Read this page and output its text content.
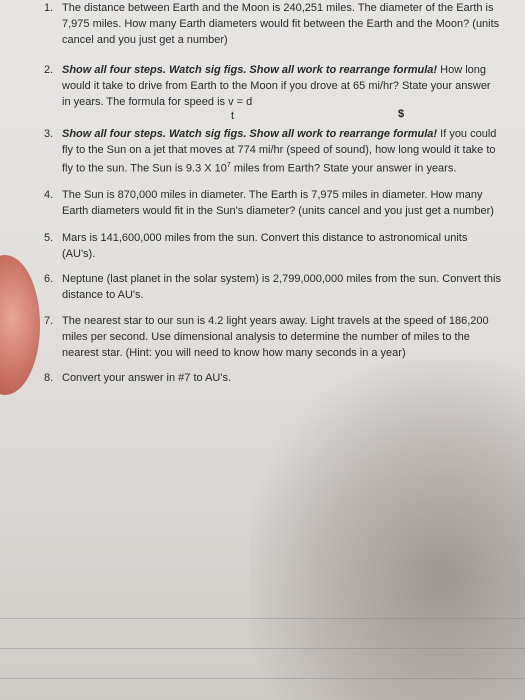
1. The distance between Earth and the Moon is 240,251 miles. The diameter of the Earth is 7,975 miles. How many Earth diameters would fit between the Earth and the Moon? (units cancel and you just get a number)
2. Show all four steps. Watch sig figs. Show all work to rearrange formula! How long would it take to drive from Earth to the Moon if you drove at 65 mi/hr? State your answer in years. The formula for speed is v = d
t	$
3. Show all four steps. Watch sig figs. Show all work to rearrange formula! If you could fly to the Sun on a jet that moves at 774 mi/hr (speed of sound), how long would it take to fly to the sun. The Sun is 9.3 X $10^7$ miles from Earth? State your answer in years.
4. The Sun is 870,000 miles in diameter. The Earth is 7,975 miles in diameter. How many Earth diameters would fit in the Sun's diameter? (units cancel and you just get a number)
5. Mars is 141,600,000 miles from the sun. Convert this distance to astronomical units (AU's).
6. Neptune (last planet in the solar system) is 2,799,000,000 miles from the sun. Convert this distance to AU's.
7. The nearest star to our sun is 4.2 light years away. Light travels at the speed of 186,200 miles per second. Use dimensional analysis to determine the number of miles to the nearest star. (Hint: you will need to know how many seconds in a year)
8. Convert your answer in #7 to AU's.
